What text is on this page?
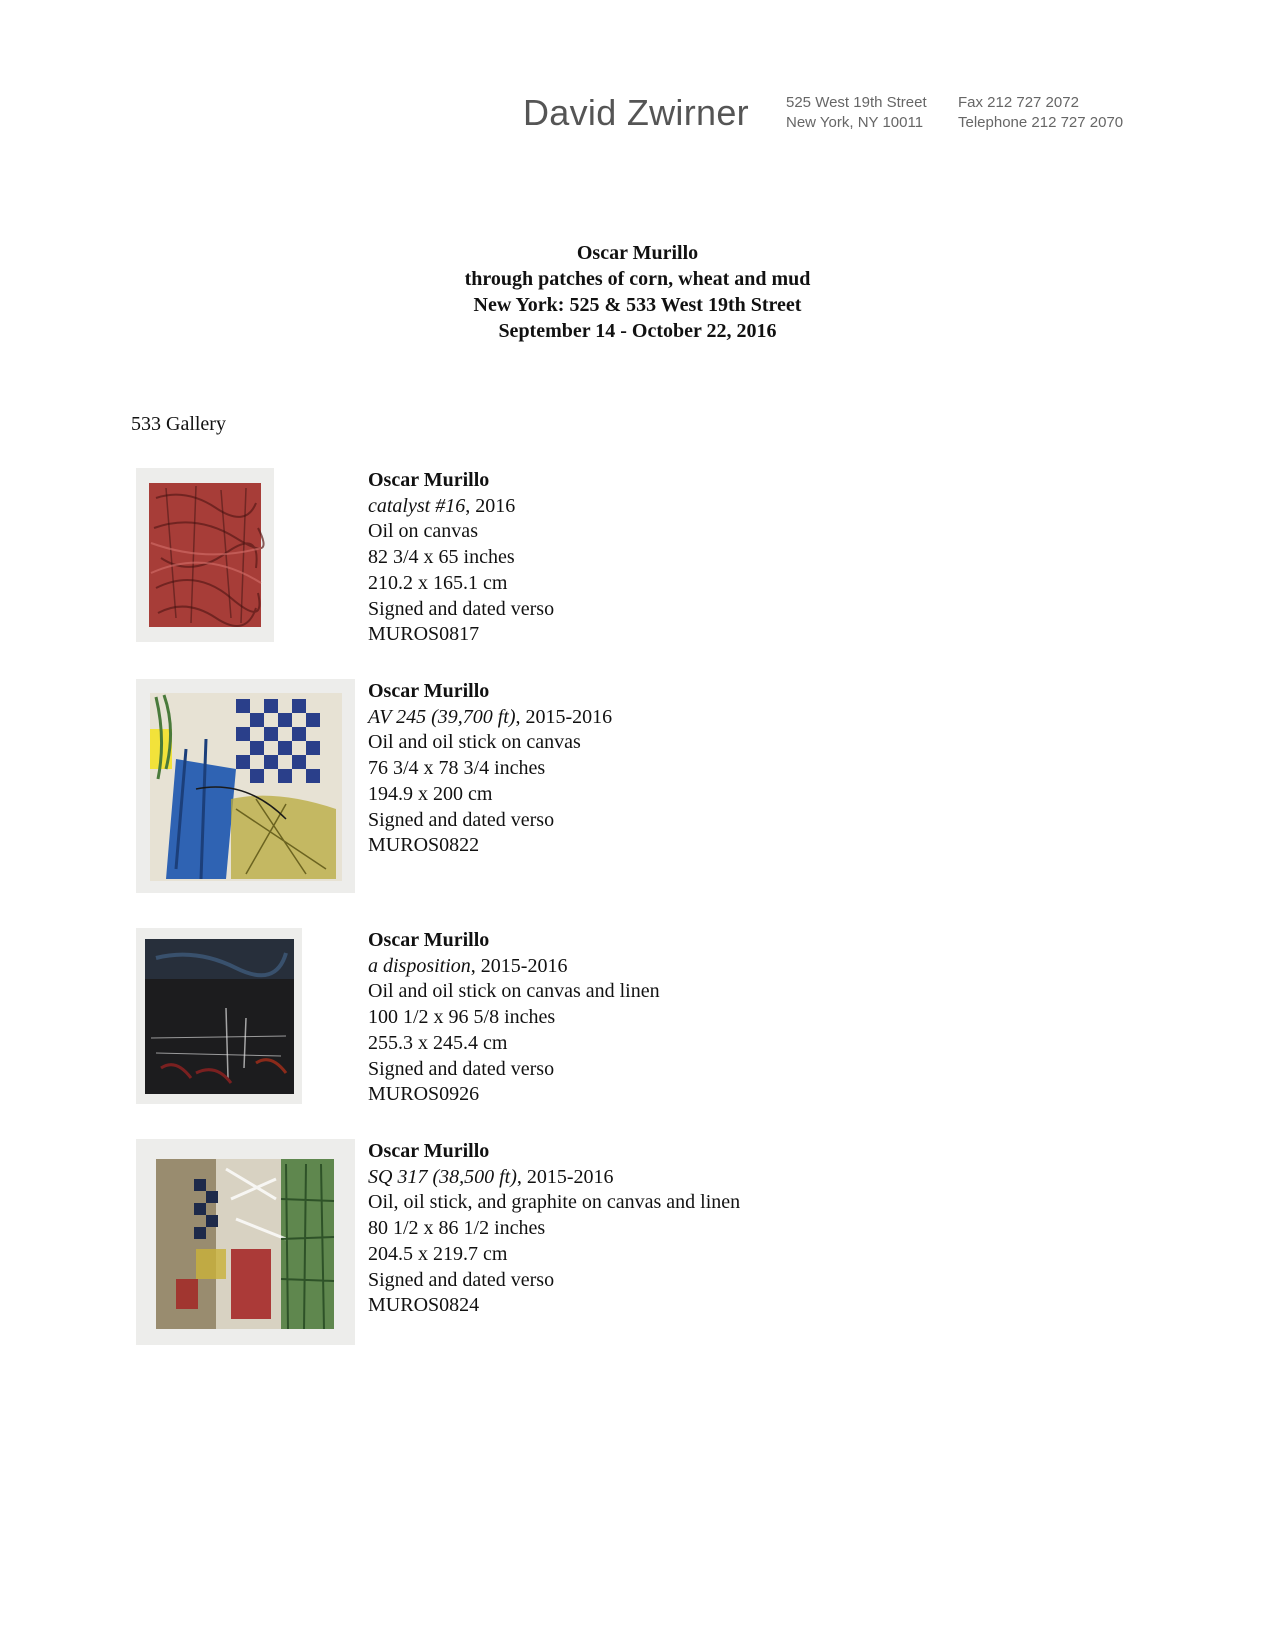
David Zwirner 525 West 19th Street
New York, NY 10011
Fax 212 727 2072
Telephone 212 727 2070
Oscar Murillo
through patches of corn, wheat and mud
New York: 525 & 533 West 19th Street
September 14 - October 22, 2016
533 Gallery
Oscar Murillo
catalyst #16, 2016
Oil on canvas
82 3/4 x 65 inches
210.2 x 165.1 cm
Signed and dated verso
MUROS0817
Oscar Murillo
AV 245 (39,700 ft), 2015-2016
Oil and oil stick on canvas
76 3/4 x 78 3/4 inches
194.9 x 200 cm
Signed and dated verso
MUROS0822
Oscar Murillo
a disposition, 2015-2016
Oil and oil stick on canvas and linen
100 1/2 x 96 5/8 inches
255.3 x 245.4 cm
Signed and dated verso
MUROS0926
Oscar Murillo
SQ 317 (38,500 ft), 2015-2016
Oil, oil stick, and graphite on canvas and linen
80 1/2 x 86 1/2 inches
204.5 x 219.7 cm
Signed and dated verso
MUROS0824
